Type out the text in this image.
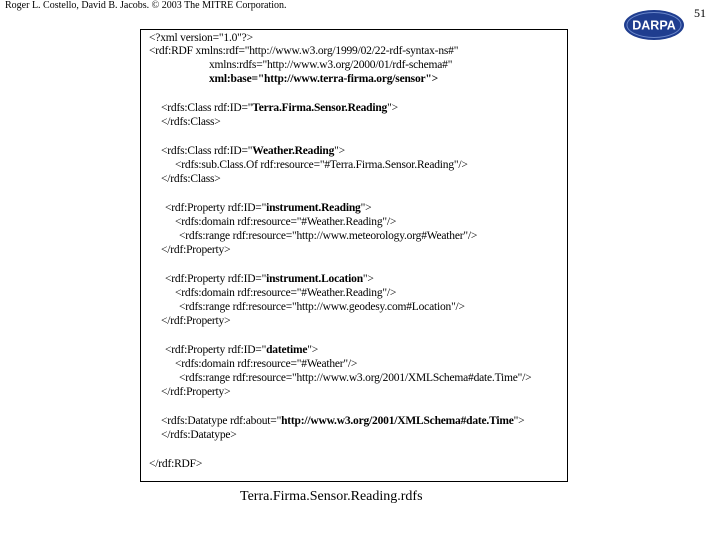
Roger L. Costello, David B. Jacobs. © 2003 The MITRE Corporation.
51
DARPA
<?xml version="1.0"?>
<rdf:RDF xmlns:rdf="http://www.w3.org/1999/02/22-rdf-syntax-ns#"
xmlns:rdfs="http://www.w3.org/2000/01/rdf-schema#"
xml:base="http://www.terra-firma.org/sensor">
<rdfs:Class rdf:ID="Terra.Firma.Sensor.Reading">
</rdfs:Class>
<rdfs:Class rdf:ID="Weather.Reading">
<rdfs:sub.Class.Of rdf:resource="#Terra.Firma.Sensor.Reading"/>
</rdfs:Class>
<rdf:Property rdf:ID="instrument.Reading">
<rdfs:domain rdf:resource="#Weather.Reading"/>
<rdfs:range rdf:resource="http://www.meteorology.org#Weather"/>
</rdf:Property>
<rdf:Property rdf:ID="instrument.Location">
<rdfs:domain rdf:resource="#Weather.Reading"/>
<rdfs:range rdf:resource="http://www.geodesy.com#Location"/>
</rdf:Property>
<rdf:Property rdf:ID="datetime">
<rdfs:domain rdf:resource="#Weather"/>
<rdfs:range rdf:resource="http://www.w3.org/2001/XMLSchema#date.Time"/>
</rdf:Property>
<rdfs:Datatype rdf:about="http://www.w3.org/2001/XMLSchema#date.Time">
</rdfs:Datatype>
</rdf:RDF>
Terra.Firma.Sensor.Reading.rdfs
